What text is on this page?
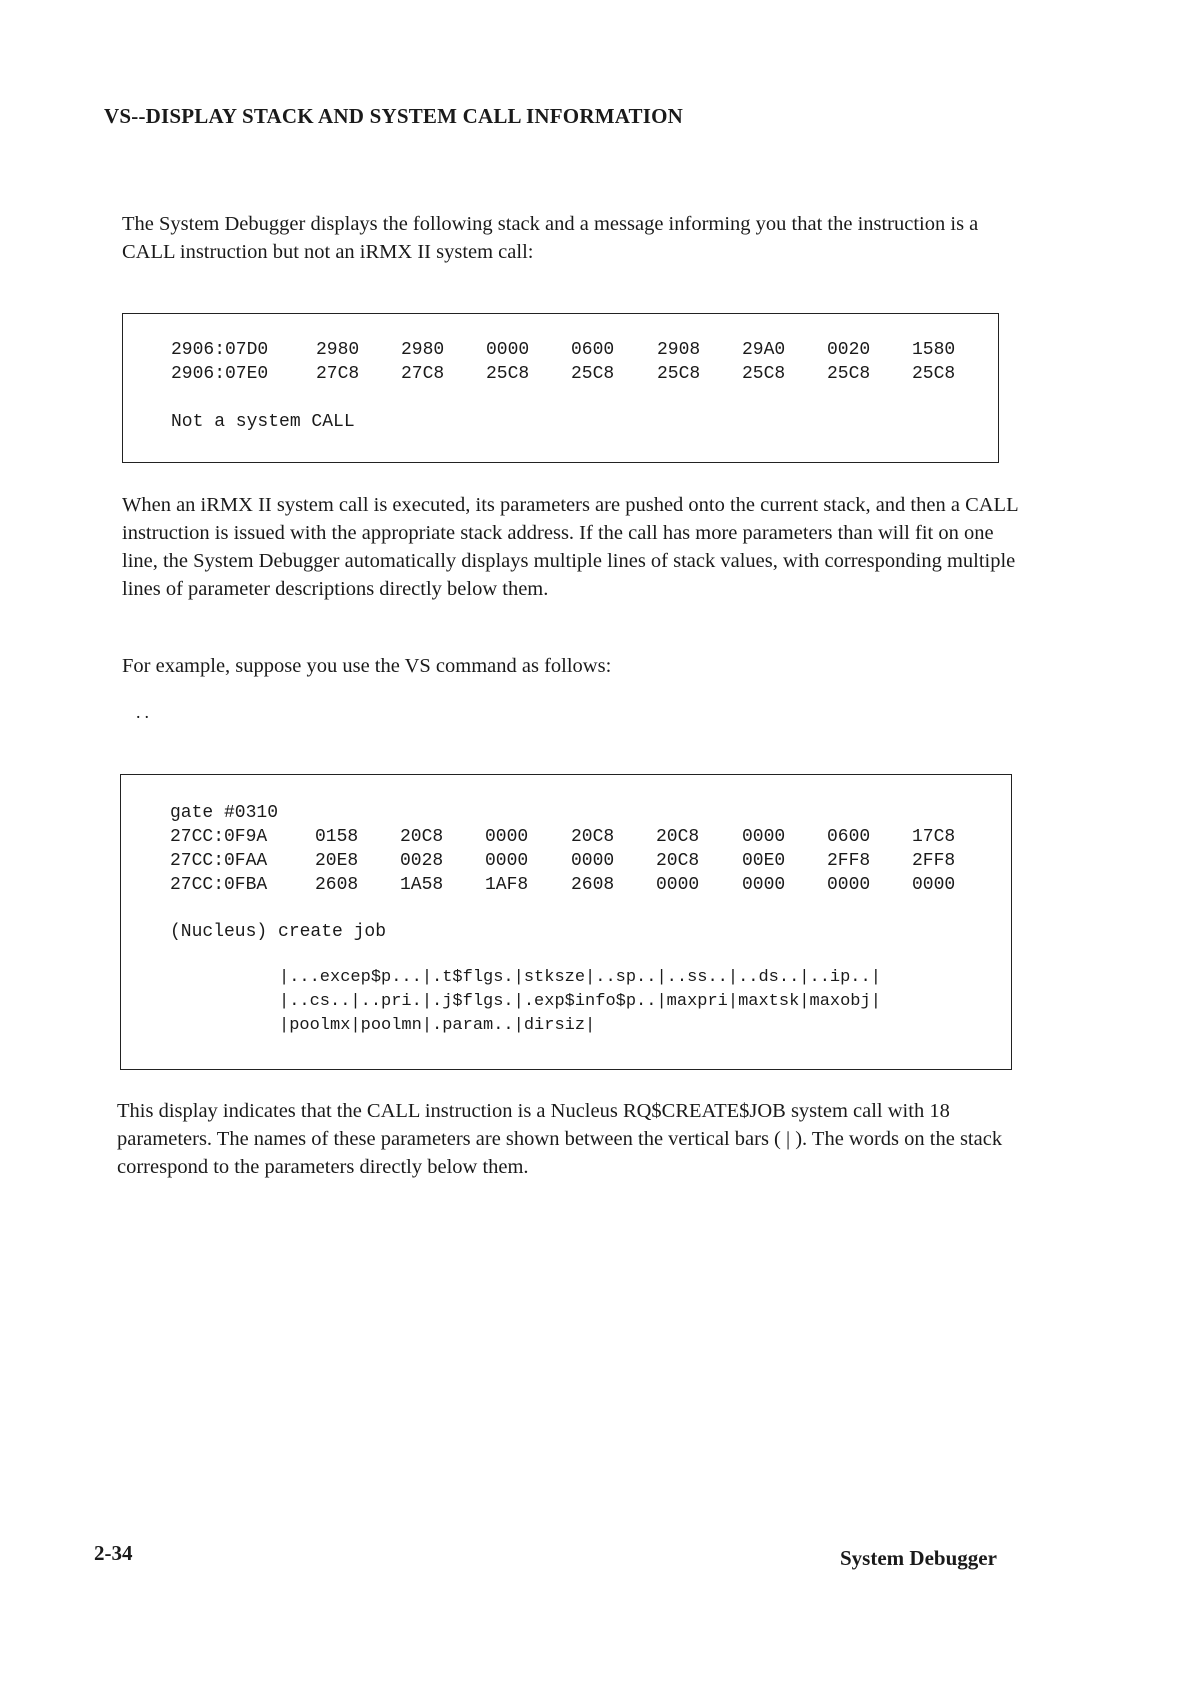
VS--DISPLAY STACK AND SYSTEM CALL INFORMATION
The System Debugger displays the following stack and a message informing you that the instruction is a CALL instruction but not an iRMX II system call:
2906:07D0	2980 2980 0000 0600 2908 29A0 0020 1580
2906:07E0	27C8 27C8 25C8 25C8 25C8 25C8 25C8 25C8
Not a system CALL
When an iRMX II system call is executed, its parameters are pushed onto the current stack, and then a CALL instruction is issued with the appropriate stack address. If the call has more parameters than will fit on one line, the System Debugger automatically displays multiple lines of stack values, with corresponding multiple lines of parameter descriptions directly below them.
For example, suppose you use the VS command as follows:
..
gate #0310
27CC:0F9A	0158 20C8 0000 20C8 20C8 0000 0600 17C8
27CC:0FAA	20E8 0028 0000 0000 20C8 00E0 2FF8 2FF8
27CC:0FBA	2608 1A58 1AF8 2608 0000 0000 0000 0000
(Nucleus) create job
|...excep$p...|.t$flgs.|stksze|..sp..|..ss..|..ds..|..ip..|
|..cs..|..pri.|.j$flgs.|.exp$info$p..|maxpri|maxtsk|maxobj|
|poolmx|poolmn|.param..|dirsiz|
This display indicates that the CALL instruction is a Nucleus RQ$CREATE$JOB system call with 18 parameters. The names of these parameters are shown between the vertical bars ( | ). The words on the stack correspond to the parameters directly below them.
2-34	System Debugger
